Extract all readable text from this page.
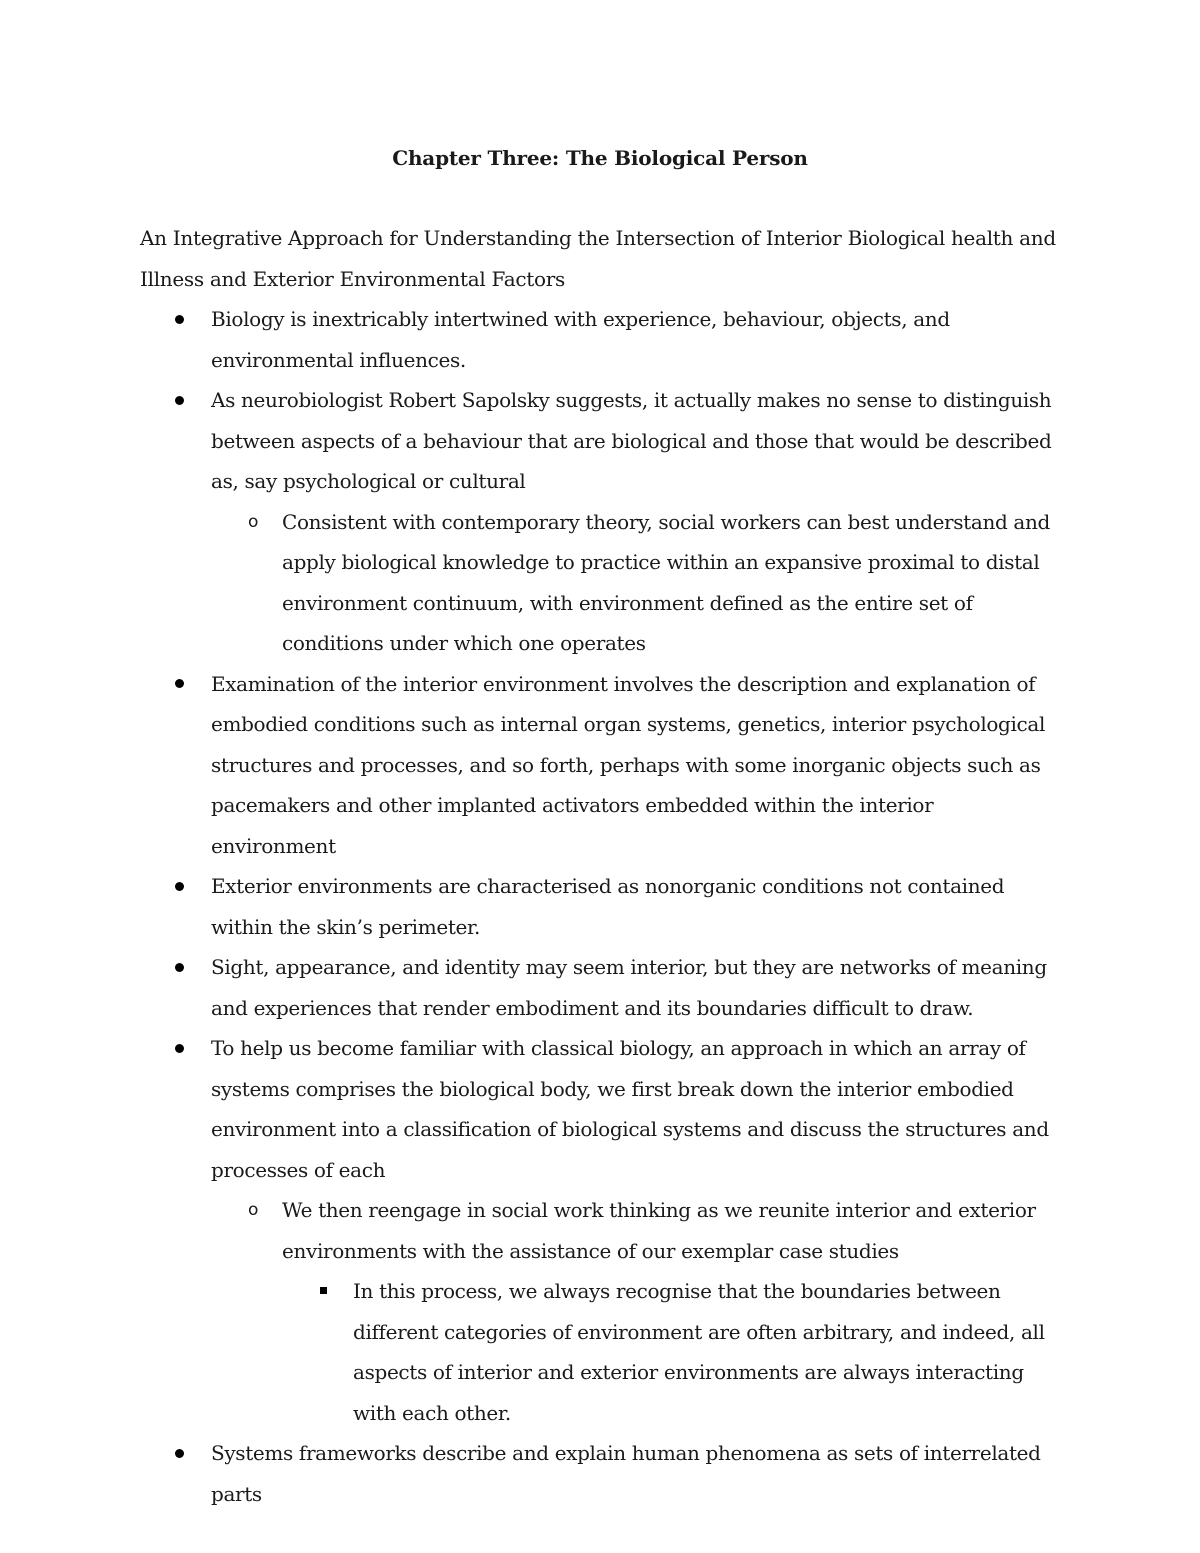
Chapter Three: The Biological Person

An Integrative Approach for Understanding the Intersection of Interior Biological health and Illness and Exterior Environmental Factors

Biology is inextricably intertwined with experience, behaviour, objects, and environmental influences.
As neurobiologist Robert Sapolsky suggests, it actually makes no sense to distinguish between aspects of a behaviour that are biological and those that would be described as, say psychological or cultural
o Consistent with contemporary theory, social workers can best understand and apply biological knowledge to practice within an expansive proximal to distal environment continuum, with environment defined as the entire set of conditions under which one operates
Examination of the interior environment involves the description and explanation of embodied conditions such as internal organ systems, genetics, interior psychological structures and processes, and so forth, perhaps with some inorganic objects such as pacemakers and other implanted activators embedded within the interior environment
Exterior environments are characterised as nonorganic conditions not contained within the skin’s perimeter.
Sight, appearance, and identity may seem interior, but they are networks of meaning and experiences that render embodiment and its boundaries difficult to draw.
To help us become familiar with classical biology, an approach in which an array of systems comprises the biological body, we first break down the interior embodied environment into a classification of biological systems and discuss the structures and processes of each
o We then reengage in social work thinking as we reunite interior and exterior environments with the assistance of our exemplar case studies
In this process, we always recognise that the boundaries between different categories of environment are often arbitrary, and indeed, all aspects of interior and exterior environments are always interacting with each other.
Systems frameworks describe and explain human phenomena as sets of interrelated parts
